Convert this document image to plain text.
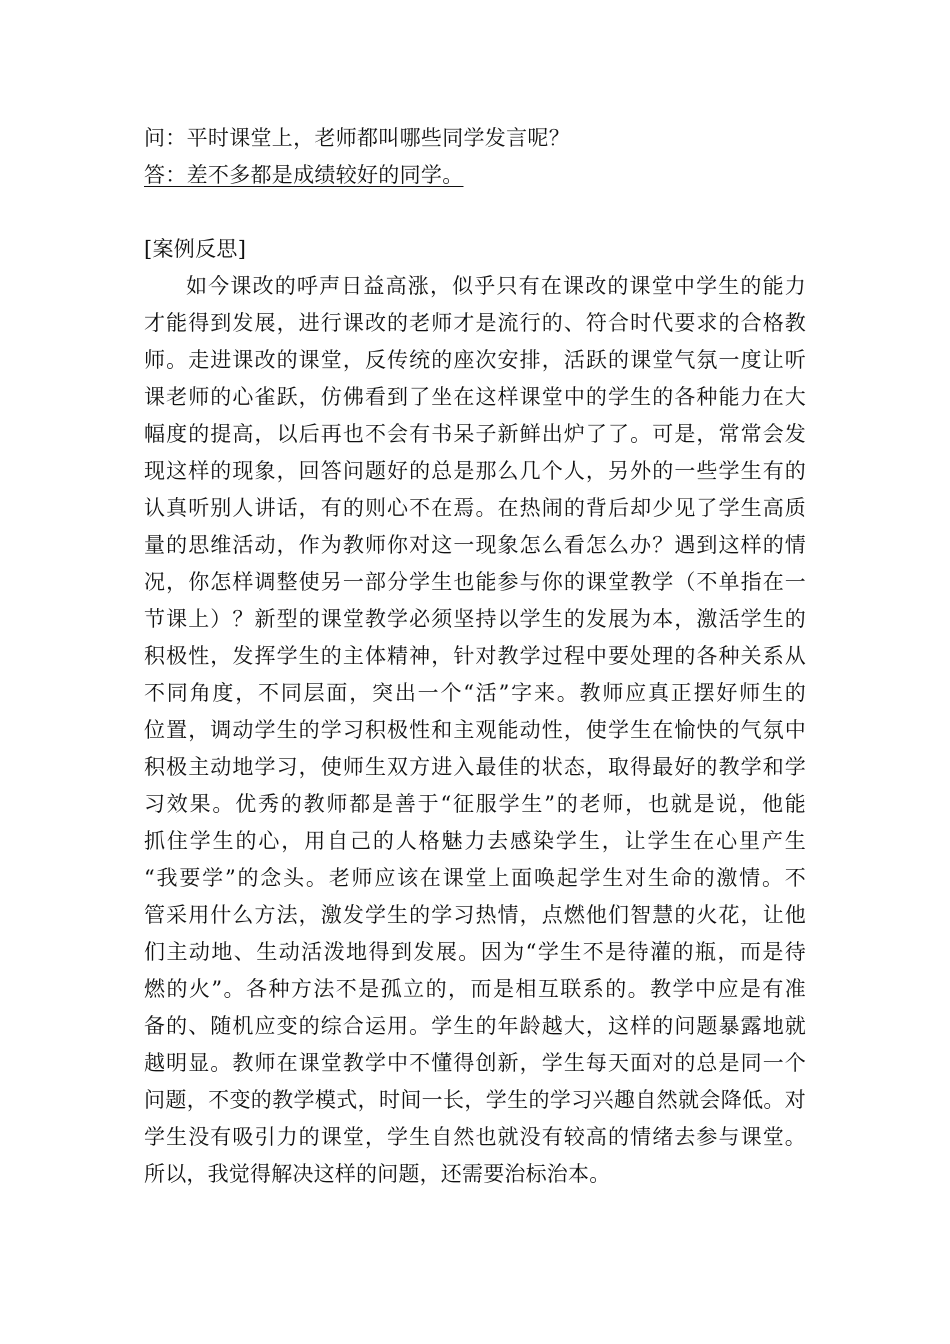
问：平时课堂上，老师都叫哪些同学发言呢？
答：差不多都是成绩较好的同学。
[案例反思]
如今课改的呼声日益高涨，似乎只有在课改的课堂中学生的能力
才能得到发展，进行课改的老师才是流行的、符合时代要求的合格教
师。走进课改的课堂，反传统的座次安排，活跃的课堂气氛一度让听
课老师的心雀跃，仿佛看到了坐在这样课堂中的学生的各种能力在大
幅度的提高，以后再也不会有书呆子新鲜出炉了了。可是，常常会发
现这样的现象，回答问题好的总是那么几个人，另外的一些学生有的
认真听别人讲话，有的则心不在焉。在热闹的背后却少见了学生高质
量的思维活动，作为教师你对这一现象怎么看怎么办？遇到这样的情
况，你怎样调整使另一部分学生也能参与你的课堂教学（不单指在一
节课上）？新型的课堂教学必须坚持以学生的发展为本，激活学生的
积极性，发挥学生的主体精神，针对教学过程中要处理的各种关系从
不同角度，不同层面，突出一个“活”字来。教师应真正摆好师生的
位置，调动学生的学习积极性和主观能动性，使学生在愉快的气氛中
积极主动地学习，使师生双方进入最佳的状态，取得最好的教学和学
习效果。优秀的教师都是善于“征服学生”的老师，也就是说，他能
抓住学生的心，用自己的人格魅力去感染学生，让学生在心里产生
“我要学”的念头。老师应该在课堂上面唤起学生对生命的激情。不
管采用什么方法，激发学生的学习热情，点燃他们智慧的火花，让他
们主动地、生动活泼地得到发展。因为“学生不是待灌的瓶，而是待
燃的火”。各种方法不是孤立的，而是相互联系的。教学中应是有准
备的、随机应变的综合运用。学生的年龄越大，这样的问题暴露地就
越明显。教师在课堂教学中不懂得创新，学生每天面对的总是同一个
问题，不变的教学模式，时间一长，学生的学习兴趣自然就会降低。对
学生没有吸引力的课堂，学生自然也就没有较高的情绪去参与课堂。
所以，我觉得解决这样的问题，还需要治标治本。
